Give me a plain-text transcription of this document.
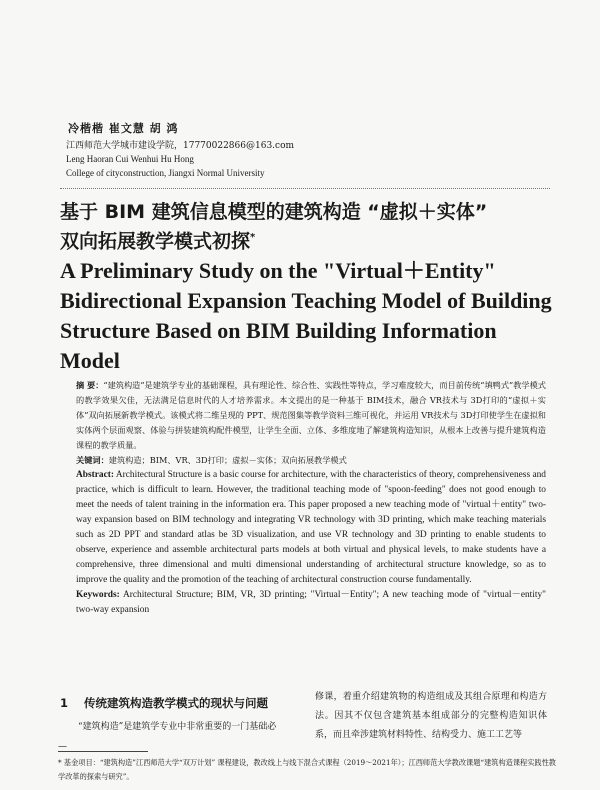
冷楷楷 崔文慧 胡 鸿
江西师范大学城市建设学院，17770022866@163.com
Leng Haoran Cui Wenhui Hu Hong
College of cityconstruction, Jiangxi Normal University
基于 BIM 建筑信息模型的建筑构造 “虚拟＋实体”
双向拓展教学模式初探*
A Preliminary Study on the "Virtual＋Entity"
Bidirectional Expansion Teaching Model of Building
Structure Based on BIM Building Information Model

摘 要：“建筑构造”是建筑学专业的基础课程，具有理论性、综合性、实践性等特点，学习难度较大，而目前传统“填鸭式”教学模式的教学效果欠佳，无法满足信息时代的人才培养需求。本文提出的是一种基于 BIM技术，融合 VR技术与 3D打印的“虚拟＋实体”双向拓展新教学模式。该模式将二维呈现的 PPT、规范图集等教学资料三维可视化，并运用 VR技术与 3D打印使学生在虚拟和实体两个层面观察、体验与拼装建筑构配件模型，让学生全面、立体、多维度地了解建筑构造知识，从根本上改善与提升建筑构造课程的教学质量。

关键词：建筑构造；BIM、VR、3D打印；虚拟－实体；双向拓展教学模式

Abstract: Architectural Structure is a basic course for architecture, with the characteristics of theory, comprehensiveness and practice, which is difficult to learn. However, the traditional teaching mode of "spoon-feeding" does not good enough to meet the needs of talent training in the information era. This paper proposed a new teaching mode of "virtual＋entity" two-way expansion based on BIM technology and integrating VR technology with 3D printing, which make teaching materials such as 2D PPT and standard atlas be 3D visualization, and use VR technology and 3D printing to enable students to observe, experience and assemble architectural parts models at both virtual and physical levels, to make students have a comprehensive, three dimensional and multi dimensional understanding of architectural structure knowledge, so as to improve the quality and the promotion of the teaching of architectural construction course fundamentally.

Keywords: Architectural Structure; BIM, VR, 3D printing; "Virtual－Entity"; A new teaching mode of "virtual－entity" two-way expansion

1 传统建筑构造教学模式的现状与问题
“建筑构造”是建筑学专业中非常重要的一门基础必
修课，着重介绍建筑物的构造组成及其组合原理和构造方法。因其不仅包含建筑基本组成部分的完整构造知识体系，而且牵涉建筑材料特性、结构受力、施工工艺等
—
* 基金项目：“建筑构造”江西师范大学“双万计划” 课程建设，教改线上与线下混合式课程（2019～2021年）；江西师范大学教改课题“建筑构造课程实践性教学改革的探索与研究”。
